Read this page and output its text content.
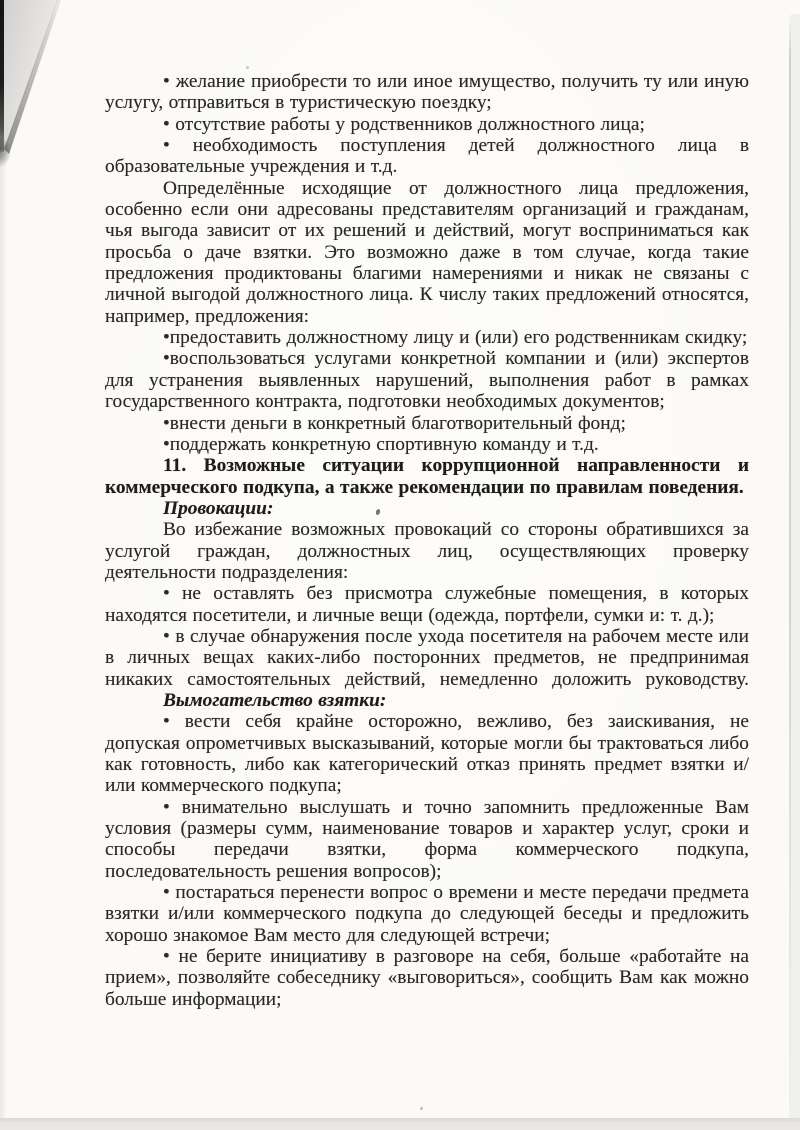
• желание приобрести то или иное имущество, получить ту или иную услугу, отправиться в туристическую поездку;

• отсутствие работы у родственников должностного лица;

• необходимость поступления детей должностного лица в образовательные учреждения и т.д.

Определённые исходящие от должностного лица предложения, особенно если они адресованы представителям организаций и гражданам, чья выгода зависит от их решений и действий, могут восприниматься как просьба о даче взятки. Это возможно даже в том случае, когда такие предложения продиктованы благими намерениями и никак не связаны с личной выгодой должностного лица. К числу таких предложений относятся, например, предложения:

•предоставить должностному лицу и (или) его родственникам скидку;

•воспользоваться услугами конкретной компании и (или) экспертов для устранения выявленных нарушений, выполнения работ в рамках государственного контракта, подготовки необходимых документов;

•внести деньги в конкретный благотворительный фонд;

•поддержать конкретную спортивную команду и т.д.

11. Возможные ситуации коррупционной направленности и коммерческого подкупа, а также рекомендации по правилам поведения.

Провокации:

Во избежание возможных провокаций со стороны обратившихся за услугой граждан, должностных лиц, осуществляющих проверку деятельности подразделения:

• не оставлять без присмотра служебные помещения, в которых находятся посетители, и личные вещи (одежда, портфели, сумки и: т. д.);

• в случае обнаружения после ухода посетителя на рабочем месте или в личных вещах каких-либо посторонних предметов, не предпринимая никаких самостоятельных действий, немедленно доложить руководству.

Вымогательство взятки:

• вести себя крайне осторожно, вежливо, без заискивания, не допуская опрометчивых высказываний, которые могли бы трактоваться либо как готовность, либо как категорический отказ принять предмет взятки и/или коммерческого подкупа;

• внимательно выслушать и точно запомнить предложенные Вам условия (размеры сумм, наименование товаров и характер услуг, сроки и способы передачи взятки, форма коммерческого подкупа, последовательность решения вопросов);

• постараться перенести вопрос о времени и месте передачи предмета взятки и/или коммерческого подкупа до следующей беседы и предложить хорошо знакомое Вам место для следующей встречи;

• не берите инициативу в разговоре на себя, больше «работайте на прием», позволяйте собеседнику «выговориться», сообщить Вам как можно больше информации;
